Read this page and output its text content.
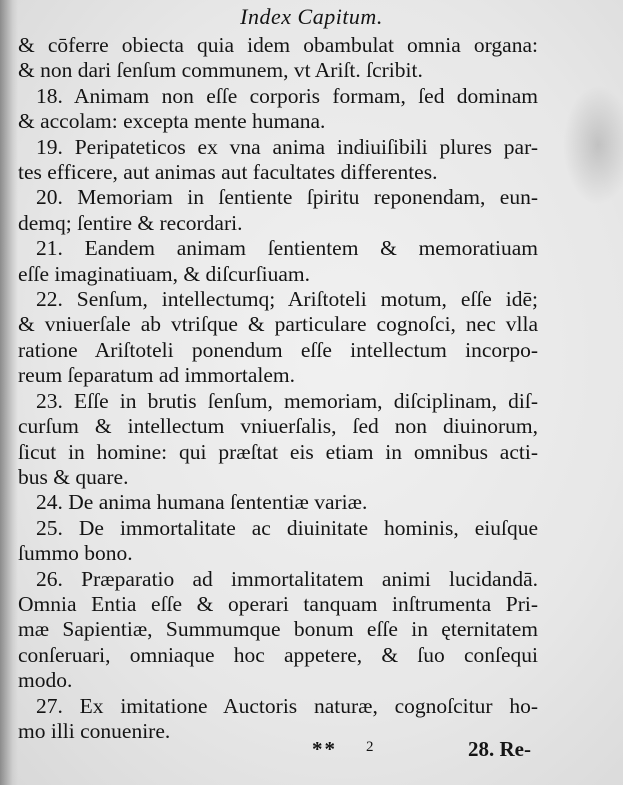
Index Capitum.
& cōferre obiecta quia idem obambulat omnia organa:
& non dari ſenſum communem, vt Ariſt. ſcribit.
18. Animam non eſſe corporis formam, ſed dominam
& accolam: excepta mente humana.
19. Peripateticos ex vna anima indiuiſibili plures par-
tes efficere, aut animas aut facultates differentes.
20. Memoriam in ſentiente ſpiritu reponendam, eun-
demq; ſentire & recordari.
21. Eandem animam ſentientem & memoratiuam
eſſe imaginatiuam, & diſcurſiuam.
22. Senſum, intellectumq; Ariſtoteli motum, eſſe idē;
& vniuerſale ab vtriſque & particulare cognoſci, nec vlla
ratione Ariſtoteli ponendum eſſe intellectum incorpo-
reum ſeparatum ad immortalem.
23. Eſſe in brutis ſenſum, memoriam, diſciplinam, diſ-
curſum & intellectum vniuerſalis, ſed non diuinorum,
ſicut in homine: qui præſtat eis etiam in omnibus acti-
bus & quare.
24. De anima humana ſententiæ variæ.
25. De immortalitate ac diuinitate hominis, eiuſque
ſummo bono.
26. Præparatio ad immortalitatem animi lucidandā.
Omnia Entia eſſe & operari tanquam inſtrumenta Pri-
mæ Sapientiæ, Summumque bonum eſſe in ęternitatem
conſeruari, omniaque hoc appetere, & ſuo conſequi
modo.
27. Ex imitatione Auctoris naturæ, cognoſcitur ho-
mo illi conuenire.
** 2	28. Re-
